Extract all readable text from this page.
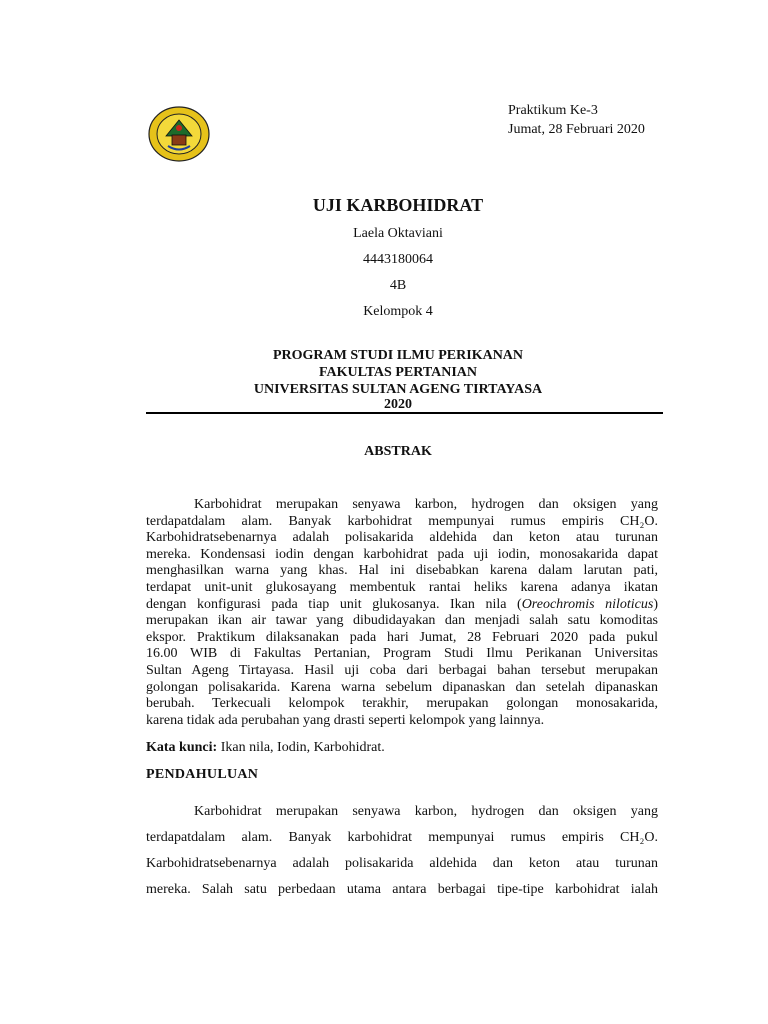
Praktikum Ke-3
Jumat, 28 Februari 2020
UJI KARBOHIDRAT
Laela Oktaviani
4443180064
4B
Kelompok 4
PROGRAM STUDI ILMU PERIKANAN
FAKULTAS PERTANIAN
UNIVERSITAS SULTAN AGENG TIRTAYASA
2020
ABSTRAK
Karbohidrat merupakan senyawa karbon, hydrogen dan oksigen yang
terdapatdalam alam. Banyak karbohidrat mempunyai rumus empiris CH₂O.
Karbohidratsebenarnya adalah polisakarida aldehida dan keton atau turunan
mereka. Kondensasi iodin dengan karbohidrat pada uji iodin, monosakarida dapat
menghasilkan warna yang khas. Hal ini disebabkan karena dalam larutan pati,
terdapat unit-unit glukosayang membentuk rantai heliks karena adanya ikatan
dengan konfigurasi pada tiap unit glukosanya. Ikan nila (Oreochromis niloticus)
merupakan ikan air tawar yang dibudidayakan dan menjadi salah satu komoditas
ekspor. Praktikum dilaksanakan pada hari Jumat, 28 Februari 2020 pada pukul
16.00 WIB di Fakultas Pertanian, Program Studi Ilmu Perikanan Universitas
Sultan Ageng Tirtayasa. Hasil uji coba dari berbagai bahan tersebut merupakan
golongan polisakarida. Karena warna sebelum dipanaskan dan setelah dipanaskan
berubah. Terkecuali kelompok terakhir, merupakan golongan monosakarida,
karena tidak ada perubahan yang drasti seperti kelompok yang lainnya.
Kata kunci: Ikan nila, Iodin, Karbohidrat.
PENDAHULUAN
Karbohidrat merupakan senyawa karbon, hydrogen dan oksigen yang
terdapatdalam alam. Banyak karbohidrat mempunyai rumus empiris CH₂O.
Karbohidratsebenarnya adalah polisakarida aldehida dan keton atau turunan
mereka. Salah satu perbedaan utama antara berbagai tipe-tipe karbohidrat ialah
